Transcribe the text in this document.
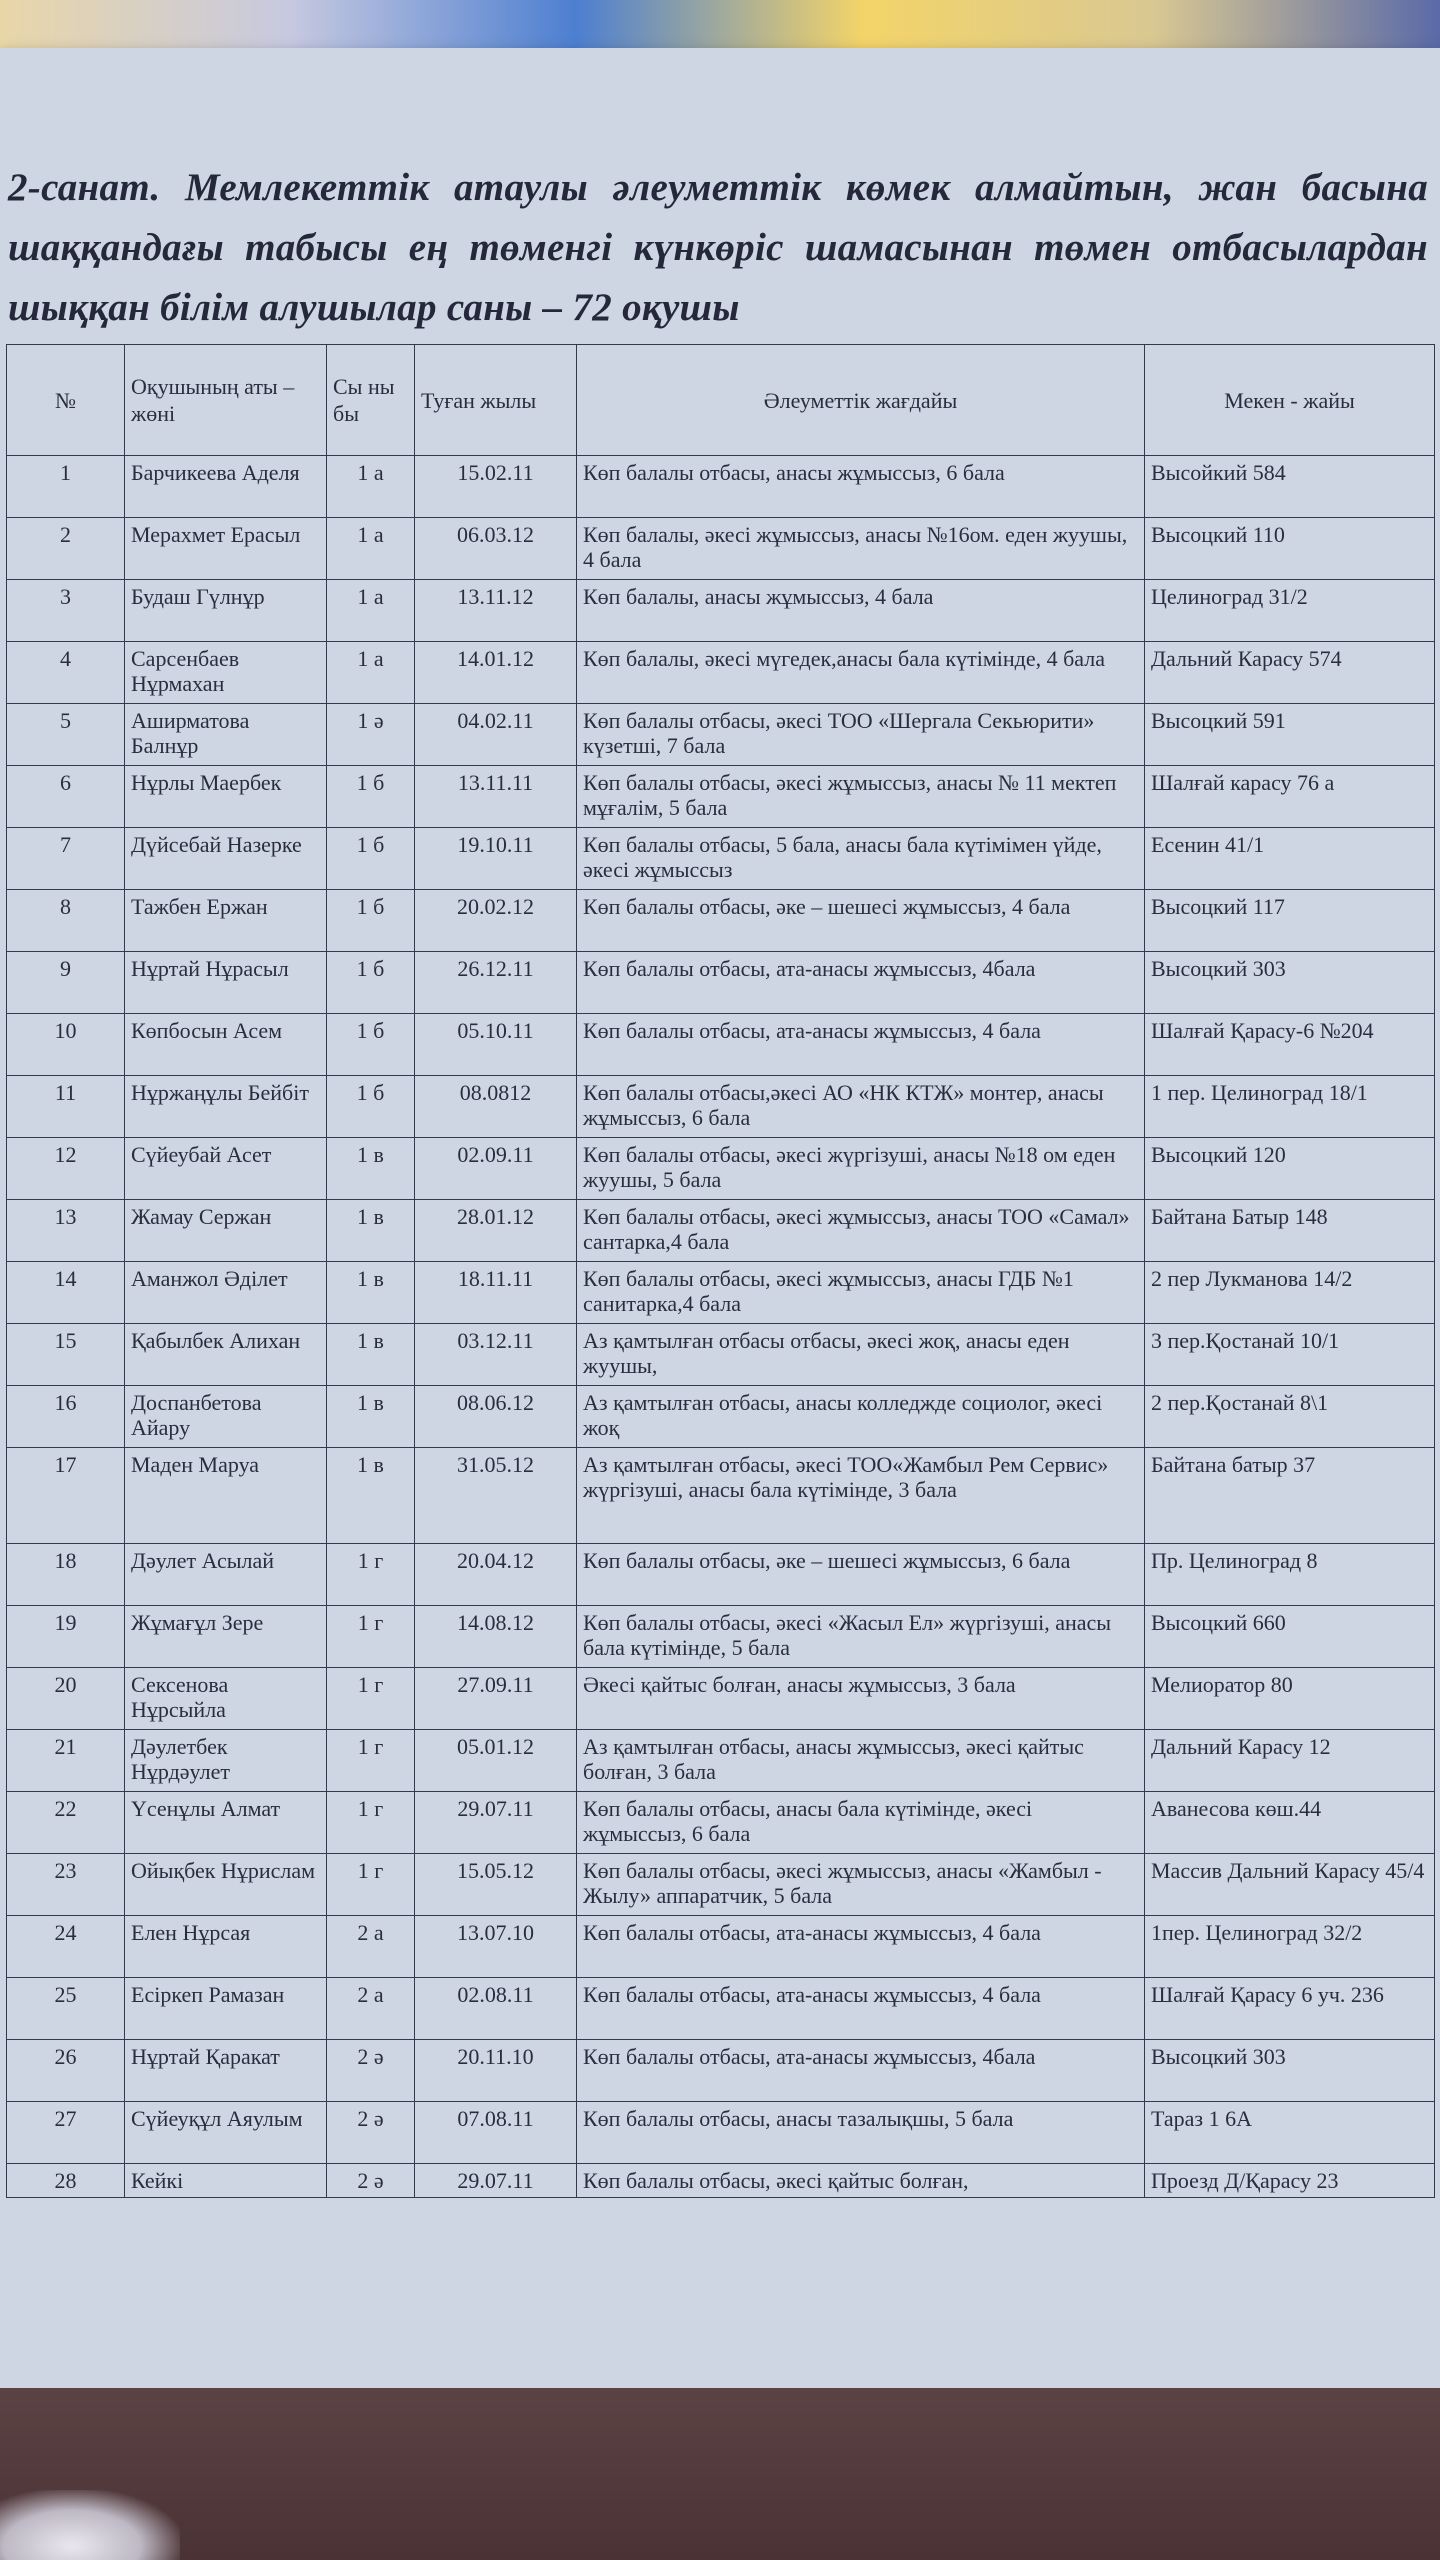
2-санат. Мемлекеттік атаулы әлеуметтік көмек алмайтын, жан басына шаққандағы табысы ең төменгі күнкөріс шамасынан төмен отбасылардан шыққан білім алушылар саны – 72 оқушы
№	Оқушының аты – жөні	Сы ны бы	Туған жылы	Әлеуметтік жағдайы	Мекен - жайы
1	Барчикеева Аделя	1 а	15.02.11	Көп балалы отбасы, анасы жұмыссыз, 6 бала	Высойкий 584
2	Мерахмет Ерасыл	1 а	06.03.12	Көп балалы, әкесі жұмыссыз, анасы №16ом. еден жуушы, 4 бала	Высоцкий 110
3	Будаш Гүлнұр	1 а	13.11.12	Көп балалы, анасы жұмыссыз, 4 бала	Целиноград 31/2
4	Сарсенбаев Нұрмахан	1 а	14.01.12	Көп балалы, әкесі мүгедек,анасы бала күтімінде, 4 бала	Дальний Карасу 574
5	Аширматова Балнұр	1 ә	04.02.11	Көп балалы отбасы, әкесі ТОО «Шергала Секьюрити» күзетші, 7 бала	Высоцкий 591
6	Нұрлы Маербек	1 б	13.11.11	Көп балалы отбасы, әкесі жұмыссыз, анасы № 11 мектеп мұғалім, 5 бала	Шалғай карасу 76 а
7	Дүйсебай Назерке	1 б	19.10.11	Көп балалы отбасы, 5 бала, анасы бала күтімімен үйде, әкесі жұмыссыз	Есенин 41/1
8	Тажбен Ержан	1 б	20.02.12	Көп балалы отбасы, әке – шешесі жұмыссыз, 4 бала	Высоцкий 117
9	Нұртай Нұрасыл	1 б	26.12.11	Көп балалы отбасы, ата-анасы жұмыссыз, 4бала	Высоцкий 303
10	Көпбосын Асем	1 б	05.10.11	Көп балалы отбасы, ата-анасы жұмыссыз, 4 бала	Шалғай Қарасу-6 №204
11	Нұржаңұлы Бейбіт	1 б	08.0812	Көп балалы отбасы,әкесі АО «НК КТЖ» монтер, анасы жұмыссыз, 6 бала	1 пер. Целиноград 18/1
12	Сүйеубай Асет	1 в	02.09.11	Көп балалы отбасы, әкесі жүргізуші, анасы №18 ом еден жуушы, 5 бала	Высоцкий 120
13	Жамау Сержан	1 в	28.01.12	Көп балалы отбасы, әкесі жұмыссыз, анасы ТОО «Самал» сантарка,4 бала	Байтана Батыр 148
14	Аманжол Әділет	1 в	18.11.11	Көп балалы отбасы, әкесі жұмыссыз, анасы ГДБ №1 санитарка,4 бала	2 пер Лукманова 14/2
15	Қабылбек Алихан	1 в	03.12.11	Аз қамтылған отбасы отбасы, әкесі жоқ, анасы еден жуушы,	3 пер.Қостанай 10/1
16	Доспанбетова Айару	1 в	08.06.12	Аз қамтылған отбасы, анасы колледжде социолог, әкесі жоқ	2 пер.Қостанай 8\1
17	Мaден Маруа	1 в	31.05.12	Аз қамтылған отбасы, әкесі ТОО«Жамбыл Рем Сервис» жүргізуші, анасы бала күтімінде, 3 бала	Байтана батыр 37
18	Дәулет Асылай	1 г	20.04.12	Көп балалы отбасы, әке – шешесі жұмыссыз, 6 бала	Пр. Целиноград 8
19	Жұмағұл Зере	1 г	14.08.12	Көп балалы отбасы, әкесі «Жасыл Ел» жүргізуші, анасы бала күтімінде, 5 бала	Высоцкий 660
20	Сексенова Нұрсыйла	1 г	27.09.11	Әкесі қайтыс болған, анасы жұмыссыз, 3 бала	Мелиоратор 80
21	Дәулетбек Нұрдәулет	1 г	05.01.12	Аз қамтылған отбасы, анасы жұмыссыз, әкесі қайтыс болған, 3 бала	Дальний Карасу 12
22	Үсенұлы Алмат	1 г	29.07.11	Көп балалы отбасы, анасы бала күтімінде, әкесі жұмыссыз, 6 бала	Аванесова көш.44
23	Ойықбек Нұрислам	1 г	15.05.12	Көп балалы отбасы, әкесі жұмыссыз, анасы «Жамбыл - Жылу» аппаратчик, 5 бала	Массив Дальний Карасу 45/4
24	Елен Нұрсая	2 а	13.07.10	Көп балалы отбасы, ата-анасы жұмыссыз, 4 бала	1пер. Целиноград 32/2
25	Есіркеп Рамазан	2 а	02.08.11	Көп балалы отбасы, ата-анасы жұмыссыз, 4 бала	Шалғай Қарасу 6 уч. 236
26	Нұртай Қаракат	2 ә	20.11.10	Көп балалы отбасы, ата-анасы жұмыссыз, 4бала	Высоцкий 303
27	Сүйеуқұл Аяулым	2 ә	07.08.11	Көп балалы отбасы, анасы тазалықшы, 5 бала	Тараз 1 6А
28	Кейкі	2 ә	29.07.11	Көп балалы отбасы, әкесі қайтыс болған,	Проезд Д/Қарасу 23
